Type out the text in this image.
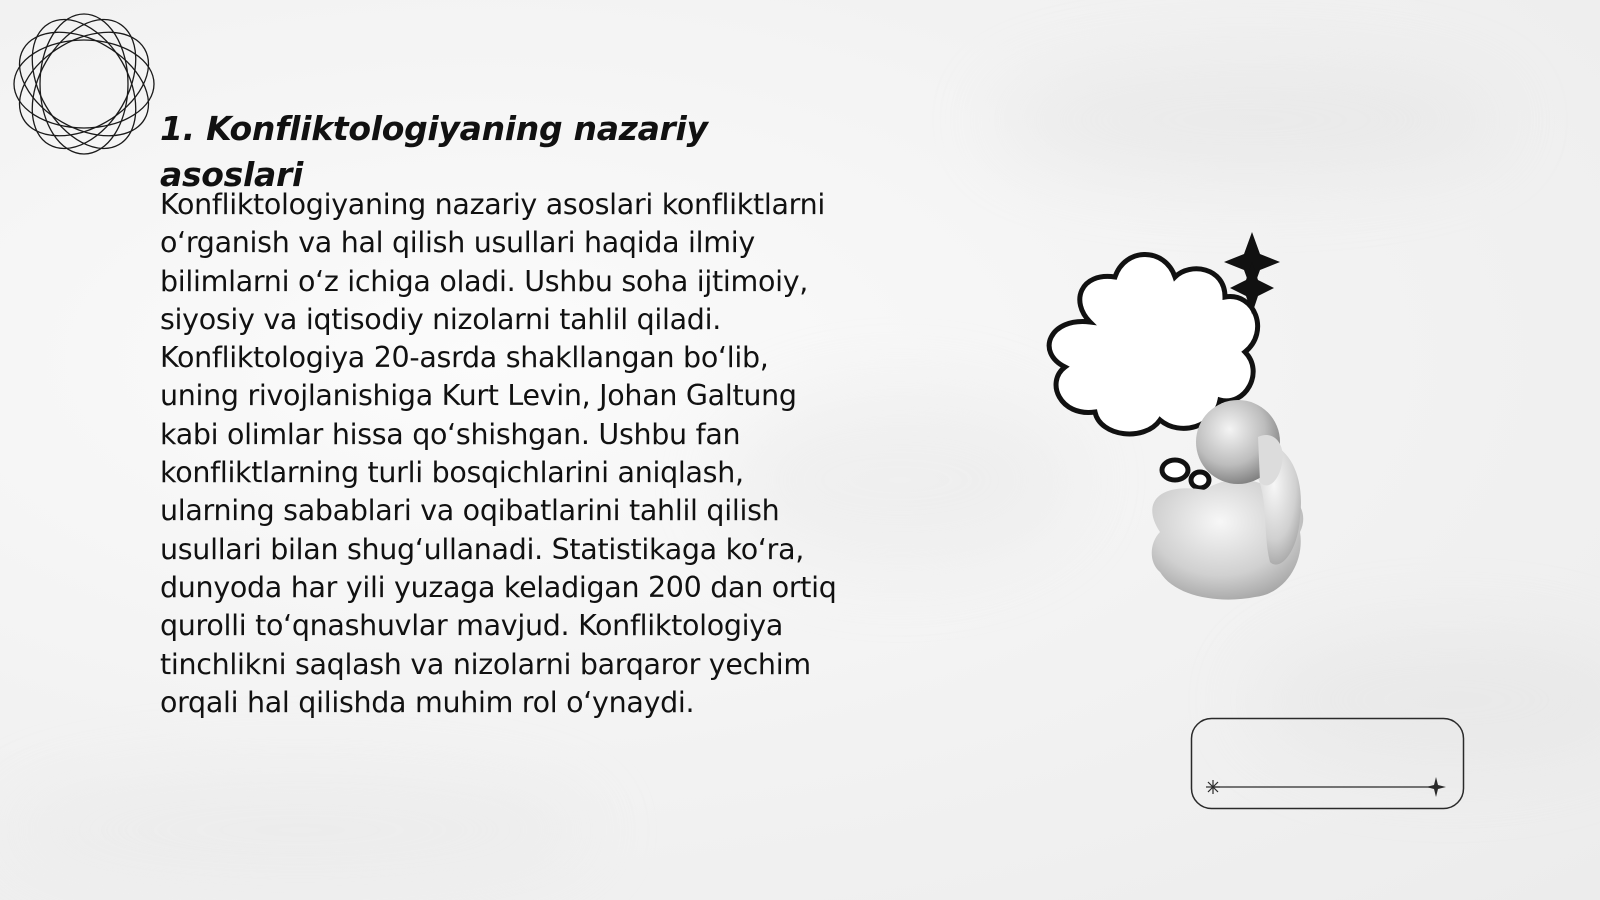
1. Konfliktologiyaning nazariy asoslari

Konfliktologiyaning nazariy asoslari konfliktlarni o‘rganish va hal qilish usullari haqida ilmiy bilimlarni o‘z ichiga oladi. Ushbu soha ijtimoiy, siyosiy va iqtisodiy nizolarni tahlil qiladi. Konfliktologiya 20-asrda shakllangan bo‘lib, uning rivojlanishiga Kurt Levin, Johan Galtung kabi olimlar hissa qo‘shishgan. Ushbu fan konfliktlarning turli bosqichlarini aniqlash, ularning sabablari va oqibatlarini tahlil qilish usullari bilan shug‘ullanadi. Statistikaga ko‘ra, dunyoda har yili yuzaga keladigan 200 dan ortiq qurolli to‘qnashuvlar mavjud. Konfliktologiya tinchlikni saqlash va nizolarni barqaror yechim orqali hal qilishda muhim rol o‘ynaydi.
